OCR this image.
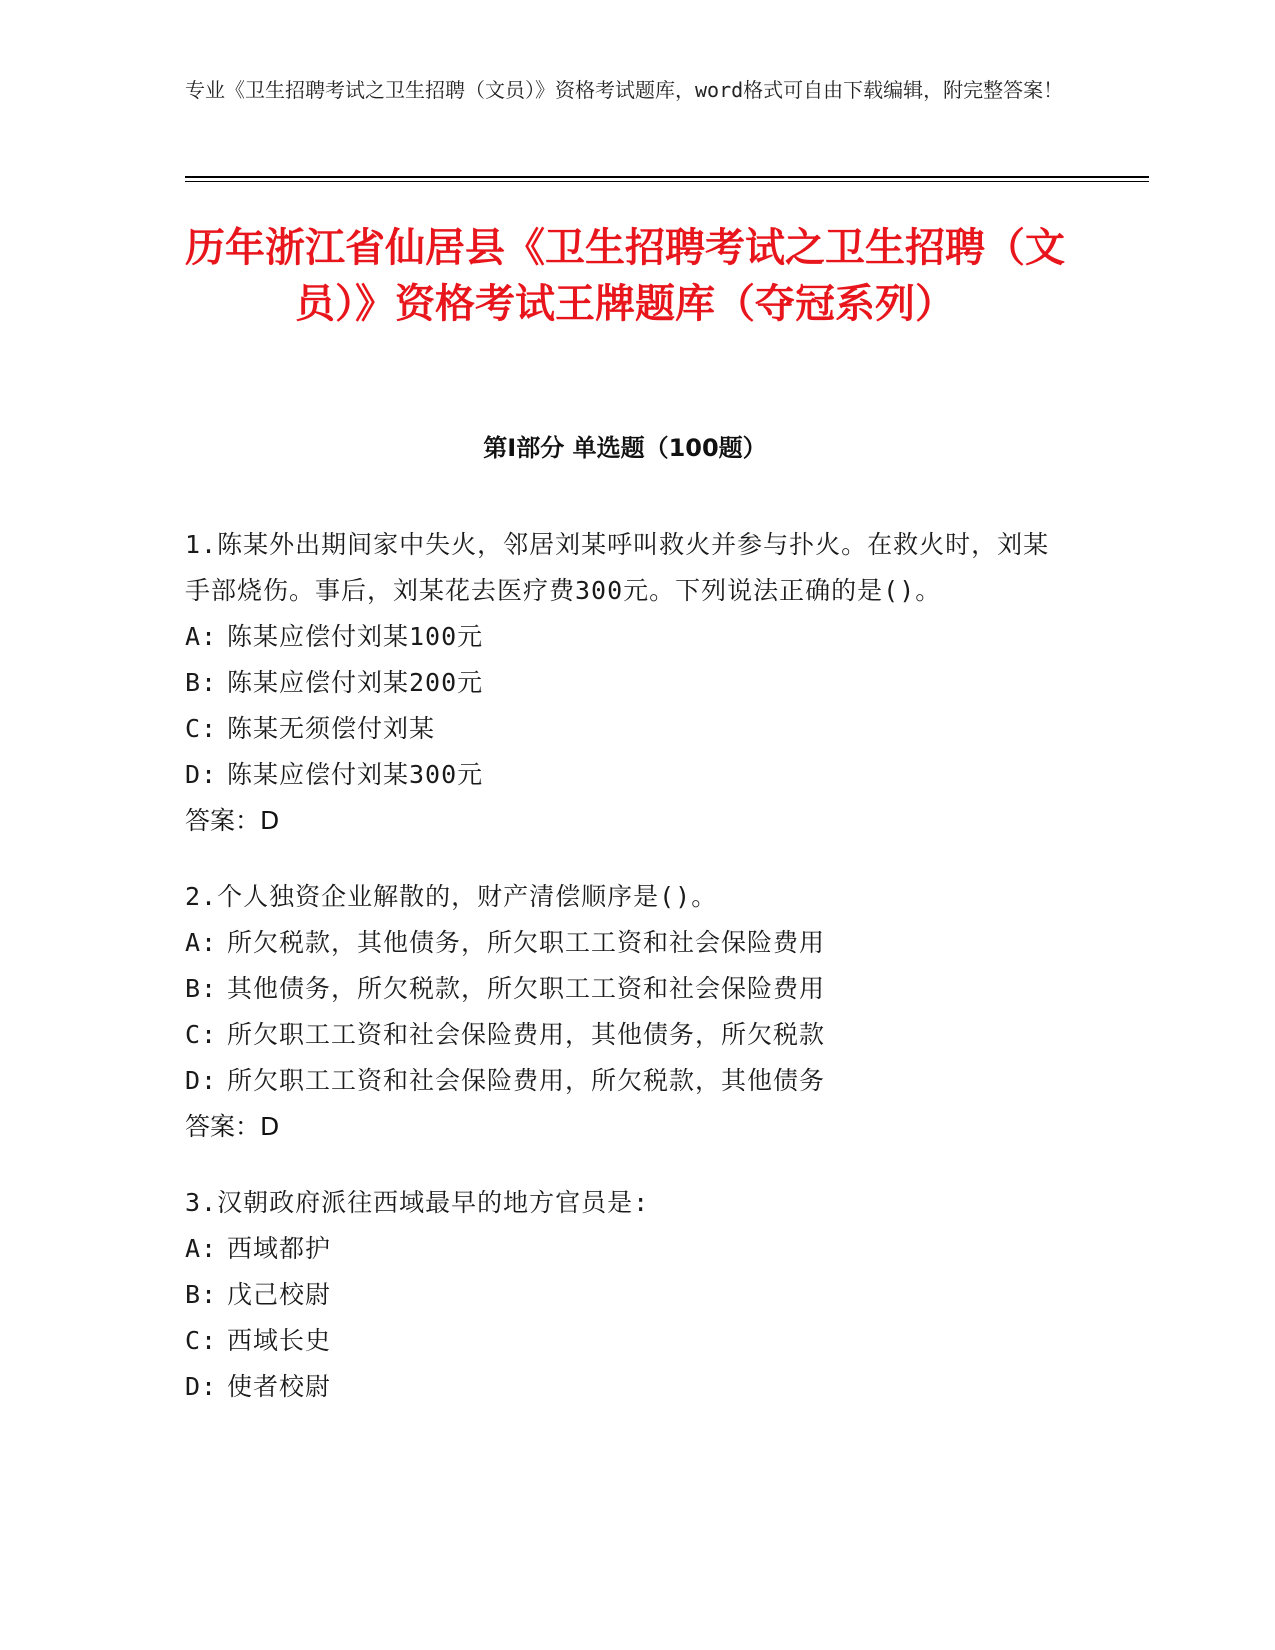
专业《卫生招聘考试之卫生招聘（文员）》资格考试题库，word格式可自由下载编辑，附完整答案！
历年浙江省仙居县《卫生招聘考试之卫生招聘（文员）》资格考试王牌题库（夺冠系列）
第Ⅰ部分 单选题（100题）
1.陈某外出期间家中失火，邻居刘某呼叫救火并参与扑火。在救火时，刘某手部烧伤。事后，刘某花去医疗费300元。下列说法正确的是()。
A: 陈某应偿付刘某100元
B: 陈某应偿付刘某200元
C: 陈某无须偿付刘某
D: 陈某应偿付刘某300元
答案：D
2.个人独资企业解散的，财产清偿顺序是()。
A: 所欠税款，其他债务，所欠职工工资和社会保险费用
B: 其他债务，所欠税款，所欠职工工资和社会保险费用
C: 所欠职工工资和社会保险费用，其他债务，所欠税款
D: 所欠职工工资和社会保险费用，所欠税款，其他债务
答案：D
3.汉朝政府派往西域最早的地方官员是:
A: 西域都护
B: 戊己校尉
C: 西域长史
D: 使者校尉
